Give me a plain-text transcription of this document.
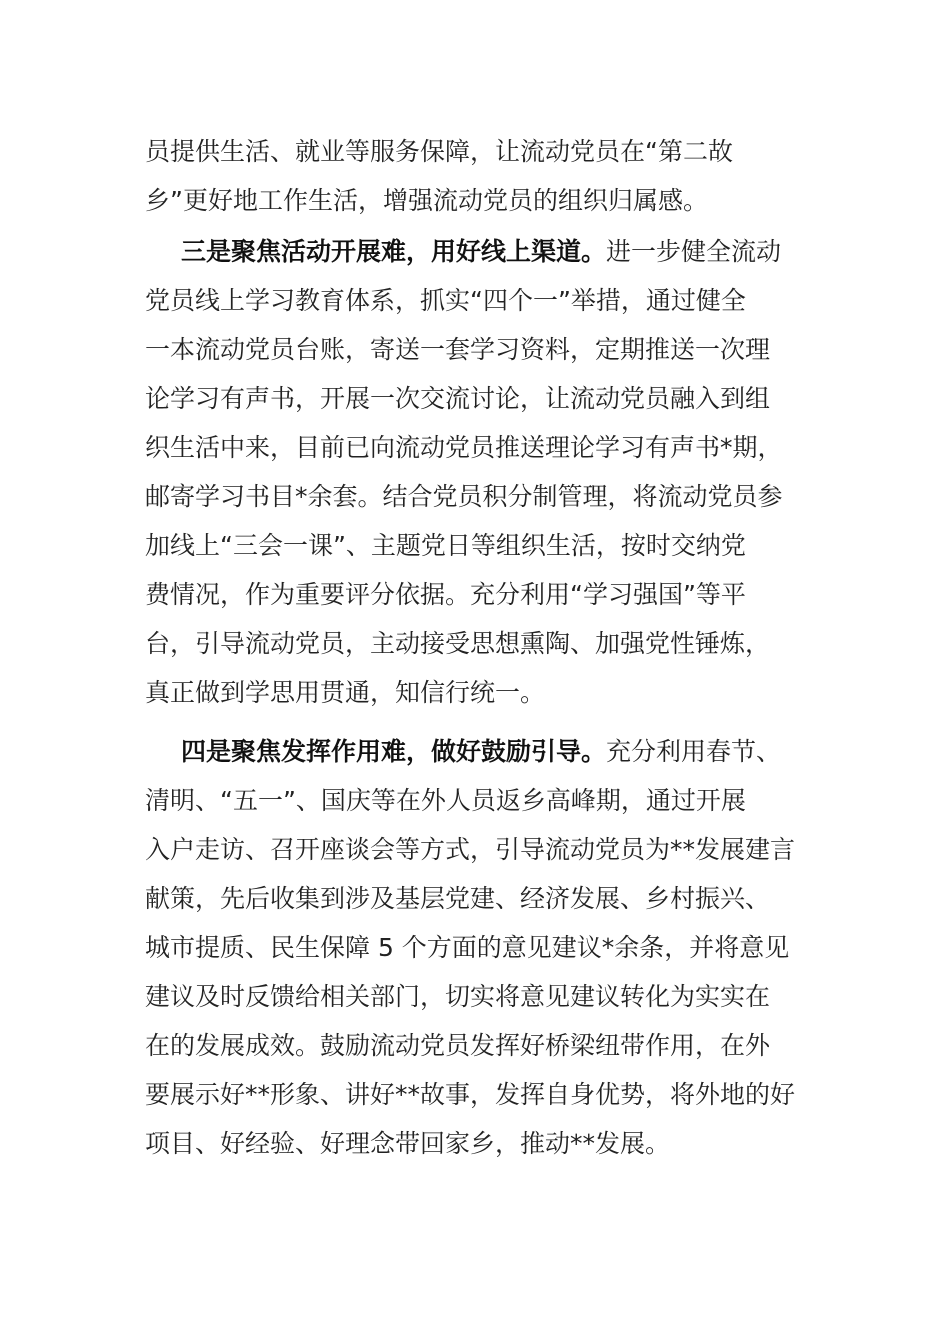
员提供生活、就业等服务保障，让流动党员在“第二故
乡”更好地工作生活，增强流动党员的组织归属感。
三是聚焦活动开展难，用好线上渠道。进一步健全流动
党员线上学习教育体系，抓实“四个一”举措，通过健全
一本流动党员台账，寄送一套学习资料，定期推送一次理
论学习有声书，开展一次交流讨论，让流动党员融入到组
织生活中来，目前已向流动党员推送理论学习有声书*期，
邮寄学习书目*余套。结合党员积分制管理，将流动党员参
加线上“三会一课”、主题党日等组织生活，按时交纳党
费情况，作为重要评分依据。充分利用“学习强国”等平
台，引导流动党员，主动接受思想熏陶、加强党性锤炼，
真正做到学思用贯通，知信行统一。
四是聚焦发挥作用难，做好鼓励引导。充分利用春节、
清明、“五一”、国庆等在外人员返乡高峰期，通过开展
入户走访、召开座谈会等方式，引导流动党员为**发展建言
献策，先后收集到涉及基层党建、经济发展、乡村振兴、
城市提质、民生保障 5 个方面的意见建议*余条，并将意见
建议及时反馈给相关部门，切实将意见建议转化为实实在
在的发展成效。鼓励流动党员发挥好桥梁纽带作用，在外
要展示好**形象、讲好**故事，发挥自身优势，将外地的好
项目、好经验、好理念带回家乡，推动**发展。
